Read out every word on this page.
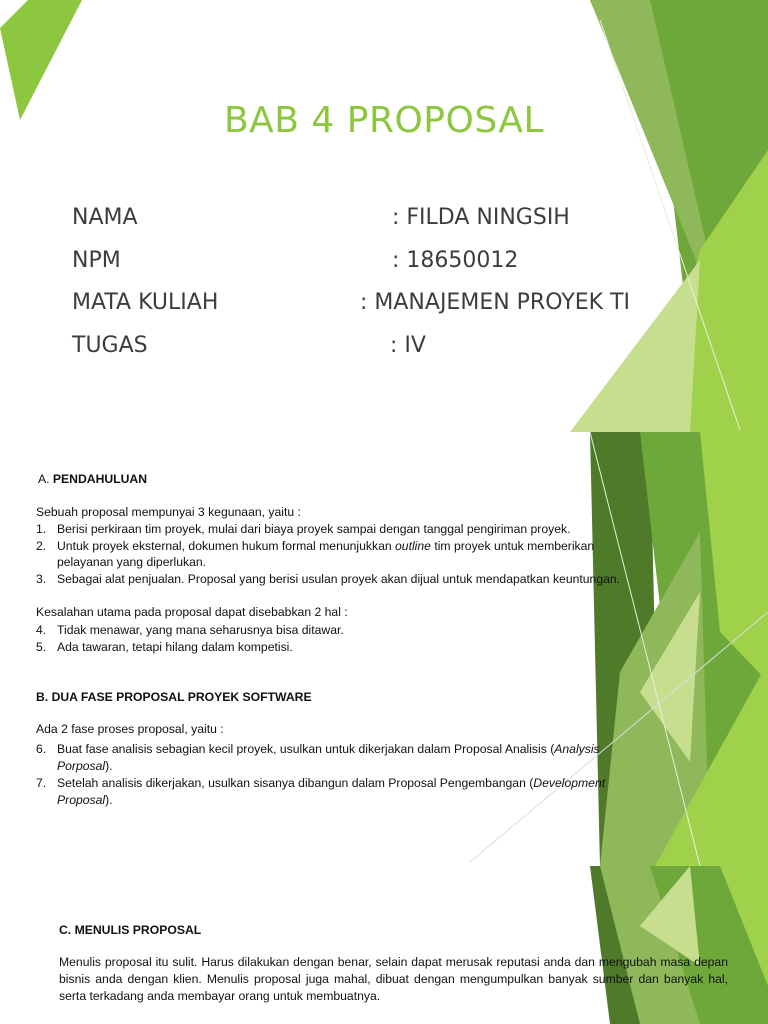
BAB 4 PROPOSAL
NAMA	: FILDA NINGSIH
NPM	: 18650012
MATA KULIAH	: MANAJEMEN PROYEK TI
TUGAS	: IV
A. PENDAHULUAN
Sebuah proposal mempunyai 3 kegunaan, yaitu :
1. Berisi perkiraan tim proyek, mulai dari biaya proyek sampai dengan tanggal pengiriman proyek.
2. Untuk proyek eksternal, dokumen hukum formal menunjukkan outline tim proyek untuk memberikan
pelayanan yang diperlukan.
3. Sebagai alat penjualan. Proposal yang berisi usulan proyek akan dijual untuk mendapatkan keuntungan.
Kesalahan utama pada proposal dapat disebabkan 2 hal :
4. Tidak menawar, yang mana seharusnya bisa ditawar.
5. Ada tawaran, tetapi hilang dalam kompetisi.
B. DUA FASE PROPOSAL PROYEK SOFTWARE
Ada 2 fase proses proposal, yaitu :
6. Buat fase analisis sebagian kecil proyek, usulkan untuk dikerjakan dalam Proposal Analisis (Analysis
Porposal).
7. Setelah analisis dikerjakan, usulkan sisanya dibangun dalam Proposal Pengembangan (Development
Proposal).
C. MENULIS PROPOSAL
Menulis proposal itu sulit. Harus dilakukan dengan benar, selain dapat merusak reputasi anda dan mengubah masa depan bisnis anda dengan klien. Menulis proposal juga mahal, dibuat dengan mengumpulkan banyak sumber dan banyak hal, serta terkadang anda membayar orang untuk membuatnya.
